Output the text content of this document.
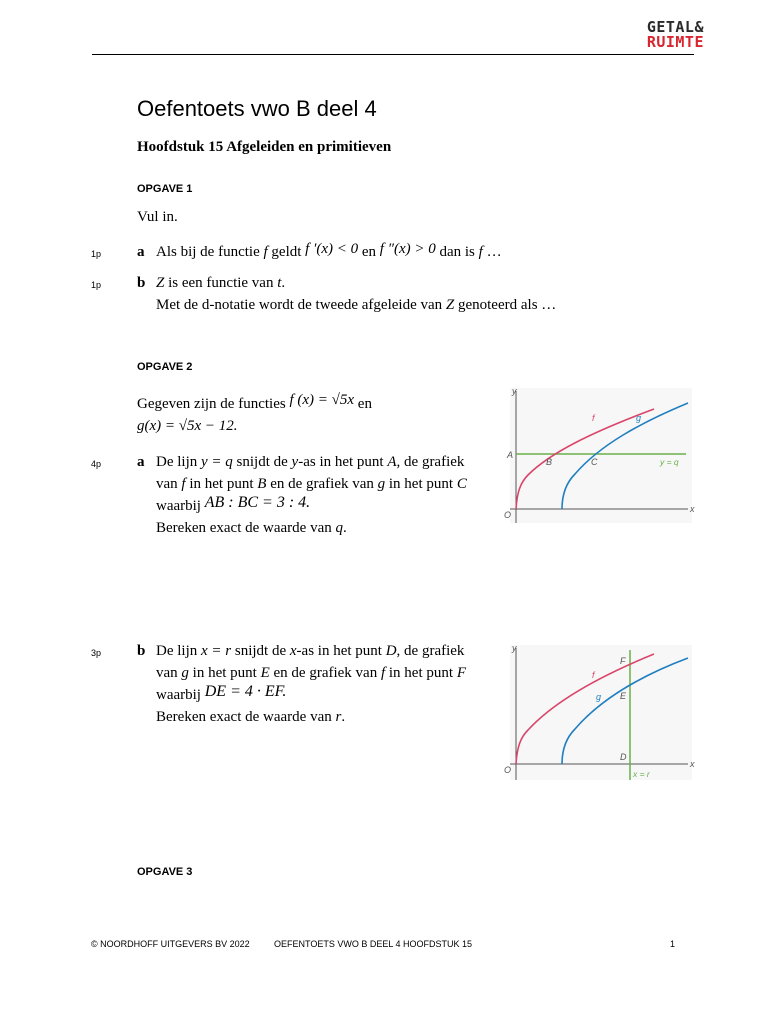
GETAL&
RUIMTE
Oefentoets vwo B deel 4
Hoofdstuk 15 Afgeleiden en primitieven
OPGAVE 1
Vul in.
1p a Als bij de functie f geldt f ′(x) < 0 en f ″(x) > 0 dan is f …
1p b Z is een functie van t.
Met de d-notatie wordt de tweede afgeleide van Z genoteerd als …
OPGAVE 2
Gegeven zijn de functies f (x) = √5x en
g(x) = √5x − 12.
4p a De lijn y = q snijdt de y-as in het punt A, de grafiek
van f in het punt B en de grafiek van g in het punt C
waarbij AB : BC = 3 : 4.
Bereken exact de waarde van q.
y
x
O
A
B	C
f	g
y = q
3p b De lijn x = r snijdt de x-as in het punt D, de grafiek
van g in het punt E en de grafiek van f in het punt F
waarbij DE = 4 · EF.
Bereken exact de waarde van r.
y
x
O
D
E
F
f
g
x = r
OPGAVE 3
© NOORDHOFF UITGEVERS BV 2022	OEFENTOETS VWO B DEEL 4 HOOFDSTUK 15	1
